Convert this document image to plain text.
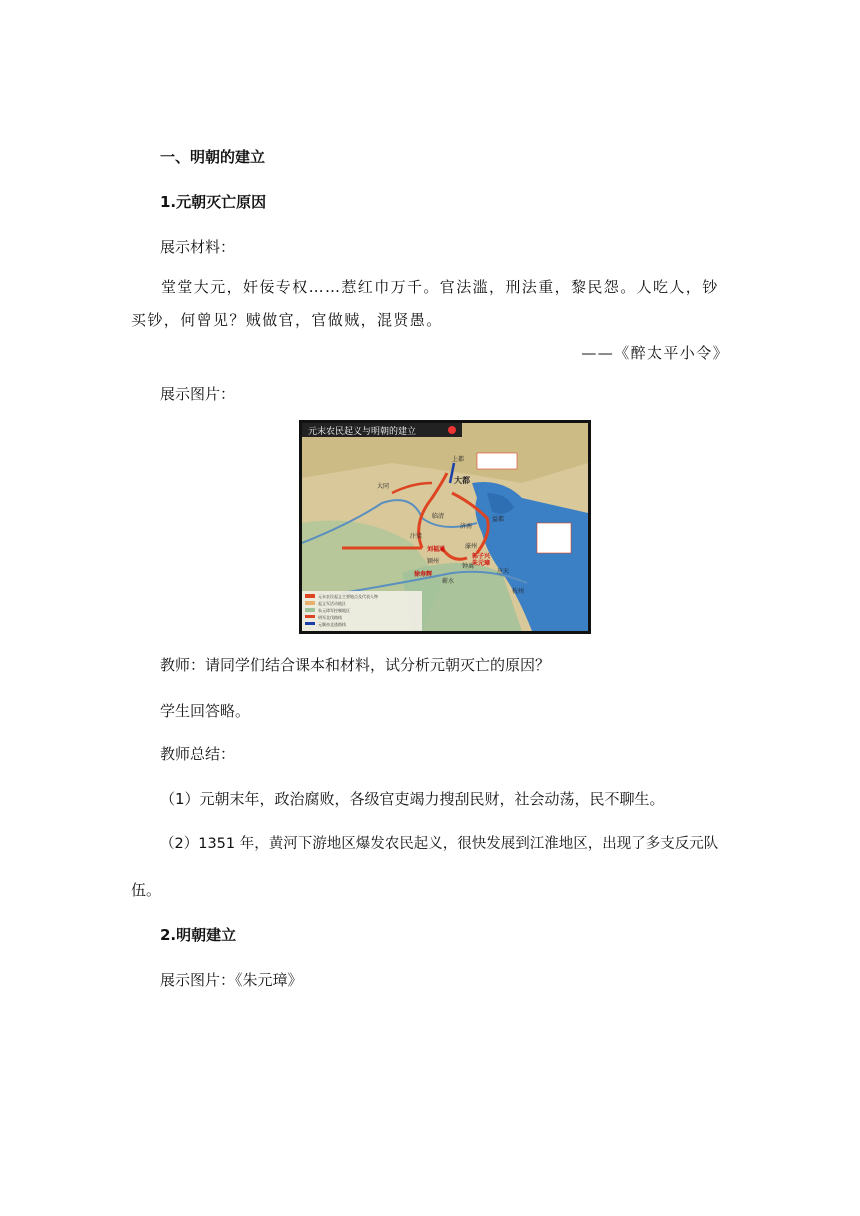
一、明朝的建立
1.元朝灭亡原因
展示材料：
堂堂大元，奸佞专权……惹红巾万千。官法滥，刑法重，黎民怨。人吃人，钞买钞，何曾见？贼做官，官做贼，混贤愚。
——《醉太平小令》
展示图片：
元末农民起义与明朝的建立
上都
大都
大同
临清
济南
益都
汴梁
颍州
濠州
钟离
应天
杭州
刘福通
郭子兴
朱元璋
徐寿辉
蕲水
元末农民起义主要地点及代表人物
起义军活动地区
朱元璋军控制地区
明军北伐路线
元顺帝北逃路线
教师：请同学们结合课本和材料，试分析元朝灭亡的原因？
学生回答略。
教师总结：
（1）元朝末年，政治腐败，各级官吏竭力搜刮民财，社会动荡，民不聊生。
（2）1351 年，黄河下游地区爆发农民起义，很快发展到江淮地区，出现了多支反元队
伍。
2.明朝建立
展示图片：《朱元璋》
